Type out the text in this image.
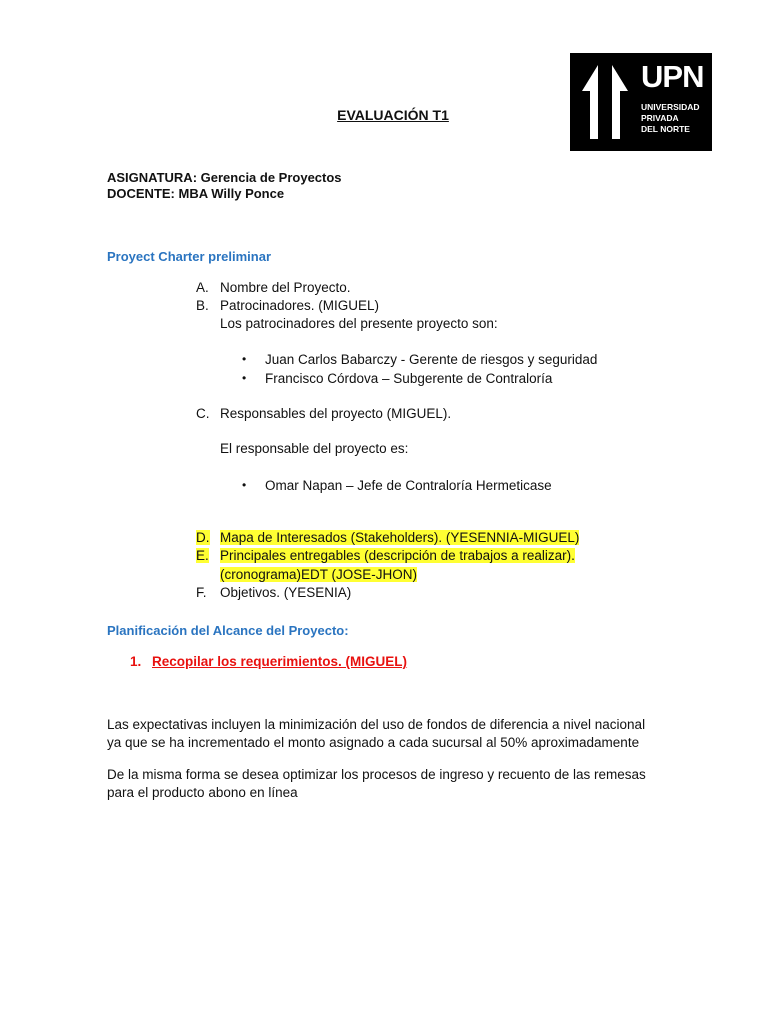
UPN
UNIVERSIDAD
PRIVADA
DEL NORTE
EVALUACIÓN T1
ASIGNATURA: Gerencia de Proyectos
DOCENTE: MBA Willy Ponce
Proyect Charter preliminar
A. Nombre del Proyecto.
B. Patrocinadores. (MIGUEL)
Los patrocinadores del presente proyecto son:
• Juan Carlos Babarczy - Gerente de riesgos y seguridad
• Francisco Córdova – Subgerente de Contraloría
C. Responsables del proyecto (MIGUEL).
El responsable del proyecto es:
• Omar Napan – Jefe de Contraloría Hermeticase
D. Mapa de Interesados (Stakeholders). (YESENNIA-MIGUEL)
E. Principales entregables (descripción de trabajos a realizar).
(cronograma)EDT (JOSE-JHON)
F. Objetivos. (YESENIA)
Planificación del Alcance del Proyecto:
1. Recopilar los requerimientos. (MIGUEL)
Las expectativas incluyen la minimización del uso de fondos de diferencia a nivel nacional
ya que se ha incrementado el monto asignado a cada sucursal al 50% aproximadamente
De la misma forma se desea optimizar los procesos de ingreso y recuento de las remesas
para el producto abono en línea
